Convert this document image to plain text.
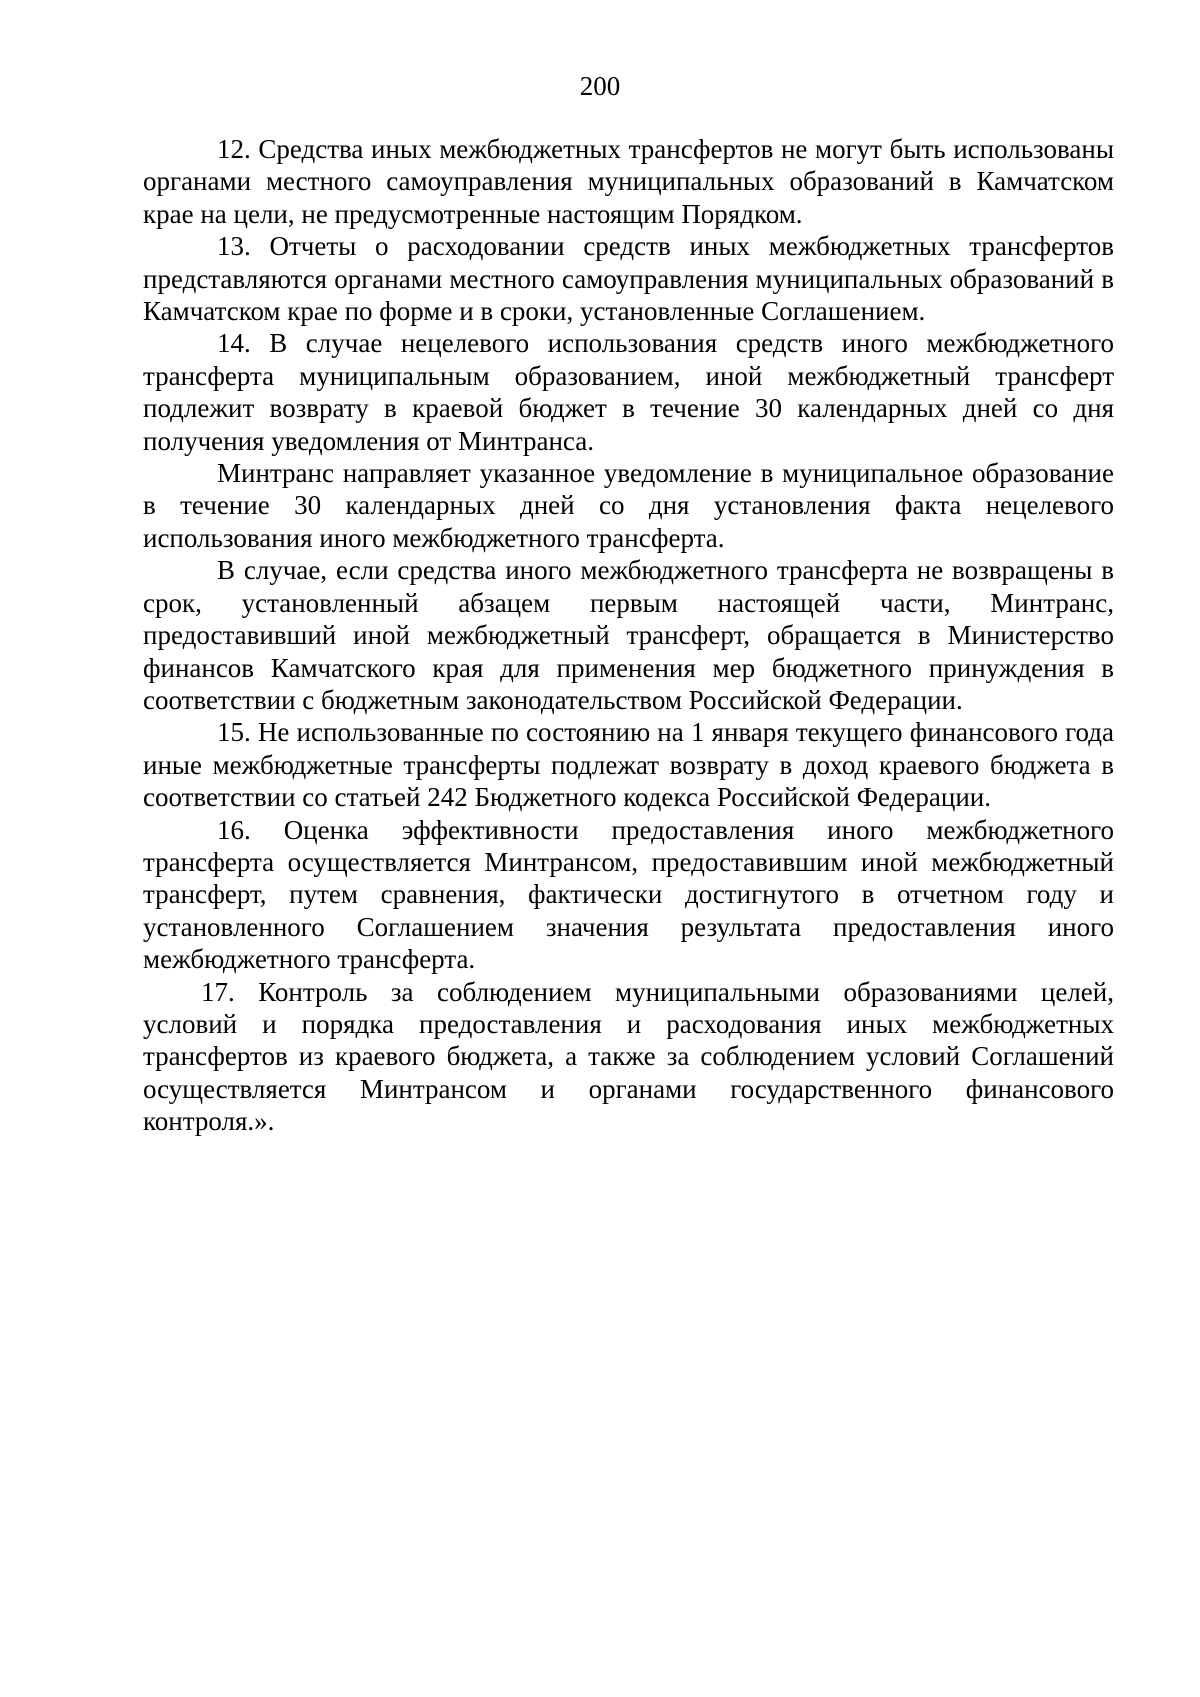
200

12. Средства иных межбюджетных трансфертов не могут быть использованы органами местного самоуправления муниципальных образований в Камчатском крае на цели, не предусмотренные настоящим Порядком.

13. Отчеты о расходовании средств иных межбюджетных трансфертов представляются органами местного самоуправления муниципальных образований в Камчатском крае по форме и в сроки, установленные Соглашением.

14. В случае нецелевого использования средств иного межбюджетного трансферта муниципальным образованием, иной межбюджетный трансферт подлежит возврату в краевой бюджет в течение 30 календарных дней со дня получения уведомления от Минтранса.

Минтранс направляет указанное уведомление в муниципальное образование в течение 30 календарных дней со дня установления факта нецелевого использования иного межбюджетного трансферта.

В случае, если средства иного межбюджетного трансферта не возвращены в срок, установленный абзацем первым настоящей части, Минтранс, предоставивший иной межбюджетный трансферт, обращается в Министерство финансов Камчатского края для применения мер бюджетного принуждения в соответствии с бюджетным законодательством Российской Федерации.

15. Не использованные по состоянию на 1 января текущего финансового года иные межбюджетные трансферты подлежат возврату в доход краевого бюджета в соответствии со статьей 242 Бюджетного кодекса Российской Федерации.

16. Оценка эффективности предоставления иного межбюджетного трансферта осуществляется Минтрансом, предоставившим иной межбюджетный трансферт, путем сравнения, фактически достигнутого в отчетном году и установленного Соглашением значения результата предоставления иного межбюджетного трансферта.

17. Контроль за соблюдением муниципальными образованиями целей, условий и порядка предоставления и расходования иных межбюджетных трансфертов из краевого бюджета, а также за соблюдением условий Соглашений осуществляется Минтрансом и органами государственного финансового контроля.».
